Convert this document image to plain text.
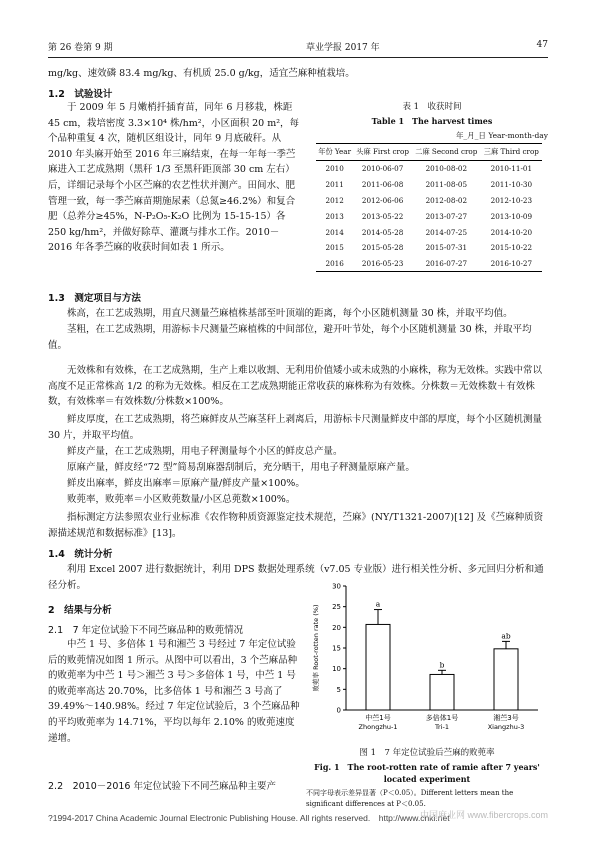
第 26 卷第 9 期	草业学报 2017 年	47

mg/kg、速效磷 83.4 mg/kg、有机质 25.0 g/kg，适宜苎麻种植栽培。

1.2　试验设计

于 2009 年 5 月嫩梢扦插育苗，同年 6 月移栽，株距 45 cm，栽培密度 3.3×10⁴ 株/hm²，小区面积 20 m²，每个品种重复 4 次，随机区组设计，同年 9 月底破秆。从 2010 年头麻开始至 2016 年三麻结束，在每一年每一季苎麻进入工艺成熟期（黑秆 1/3 至黑秆距顶部 30 cm 左右）后，详细记录每个小区苎麻的农艺性状并测产。田间水、肥管理一致，每一季苎麻苗期施尿素（总氮≥46.2%）和复合肥（总养分≥45%，N-P₂O₅-K₂O 比例为 15-15-15）各 250 kg/hm²，并做好除草、灌溉与排水工作。2010－2016 年各季苎麻的收获时间如表 1 所示。

表 1　收获时间
Table 1　The harvest times
年_月_日 Year-month-day
年份 Year	头麻 First crop	二麻 Second crop	三麻 Third crop
2010	2010-06-07	2010-08-02	2010-11-01
2011	2011-06-08	2011-08-05	2011-10-30
2012	2012-06-06	2012-08-02	2012-10-23
2013	2013-05-22	2013-07-27	2013-10-09
2014	2014-05-28	2014-07-25	2014-10-20
2015	2015-05-28	2015-07-31	2015-10-22
2016	2016-05-23	2016-07-27	2016-10-27
1.3　测定项目与方法

株高，在工艺成熟期，用直尺测量苎麻植株基部至叶顶端的距离，每个小区随机测量 30 株，并取平均值。

茎粗，在工艺成熟期，用游标卡尺测量苎麻植株的中间部位，避开叶节处，每个小区随机测量 30 株，并取平均值。

无效株和有效株，在工艺成熟期，生产上难以收割、无利用价值矮小或未成熟的小麻株，称为无效株。实践中常以高度不足正常株高 1/2 的称为无效株。相反在工艺成熟期能正常收获的麻株称为有效株。分株数＝无效株数＋有效株数，有效株率＝有效株数/分株数×100%。

鲜皮厚度，在工艺成熟期，将苎麻鲜皮从苎麻茎秆上剥离后，用游标卡尺测量鲜皮中部的厚度，每个小区随机测量 30 片，并取平均值。

鲜皮产量，在工艺成熟期，用电子秤测量每个小区的鲜皮总产量。

原麻产量，鲜皮经“72 型”简易刮麻器刮制后，充分晒干，用电子秤测量原麻产量。

鲜皮出麻率，鲜皮出麻率＝原麻产量/鲜皮产量×100%。

败蔸率，败蔸率＝小区败蔸数量/小区总蔸数×100%。

指标测定方法参照农业行业标准《农作物种质资源鉴定技术规范，苎麻》(NY/T1321-2007)[12] 及《苎麻种质资源描述规范和数据标准》[13]。

1.4　统计分析

利用 Excel 2007 进行数据统计，利用 DPS 数据处理系统（v7.05 专业版）进行相关性分析、多元回归分析和通径分析。

2　结果与分析
2.1　7 年定位试验下不同苎麻品种的败蔸情况

中苎 1 号、多倍体 1 号和湘苎 3 号经过 7 年定位试验后的败蔸情况如图 1 所示。从图中可以看出，3 个苎麻品种的败蔸率为中苎 1 号＞湘苎 3 号＞多倍体 1 号，中苎 1 号的败蔸率高达 20.70%，比多倍体 1 号和湘苎 3 号高了 39.49%～140.98%。经过 7 年定位试验后，3 个苎麻品种的平均败蔸率为 14.71%，平均以每年 2.10% 的败蔸速度递增。

2.2　2010－2016 年定位试验下不同苎麻品种主要产
0
5
10
15
20
25
30
败蔸率 Root-rotten rate (%)
a
中苎1号
Zhongzhu-1
b
多倍体1号
Tri-1
ab
湘苎3号
Xiangzhu-3
图 1　7 年定位试验后苎麻的败蔸率
Fig. 1　The root-rotten rate of ramie after 7 years' located experiment
不同字母表示差异显著（P＜0.05）。Different letters mean the significant differences at P＜0.05.
?1994-2017 China Academic Journal Electronic Publishing House. All rights reserved.　http://www.cnki.net
中国麻业网 www.fibercrops.com
